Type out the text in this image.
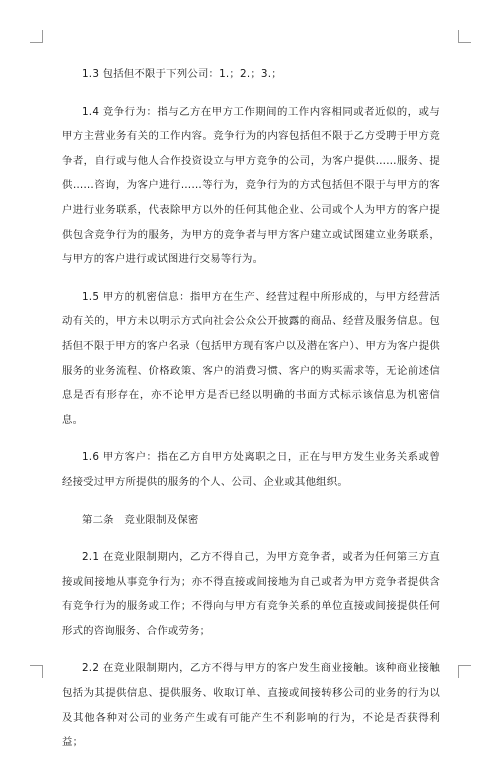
1.3 包括但不限于下列公司：1.；2.；3.；

1.4 竞争行为：指与乙方在甲方工作期间的工作内容相同或者近似的，或与甲方主营业务有关的工作内容。竞争行为的内容包括但不限于乙方受聘于甲方竞争者，自行或与他人合作投资设立与甲方竞争的公司，为客户提供……服务、提供……咨询，为客户进行……等行为，竞争行为的方式包括但不限于与甲方的客户进行业务联系，代表除甲方以外的任何其他企业、公司或个人为甲方的客户提供包含竞争行为的服务，为甲方的竞争者与甲方客户建立或试图建立业务联系，与甲方的客户进行或试图进行交易等行为。

1.5 甲方的机密信息：指甲方在生产、经营过程中所形成的，与甲方经营活动有关的，甲方未以明示方式向社会公众公开披露的商品、经营及服务信息。包括但不限于甲方的客户名录（包括甲方现有客户以及潜在客户）、甲方为客户提供服务的业务流程、价格政策、客户的消费习惯、客户的购买需求等，无论前述信息是否有形存在，亦不论甲方是否已经以明确的书面方式标示该信息为机密信息。

1.6 甲方客户：指在乙方自甲方处离职之日，正在与甲方发生业务关系或曾经接受过甲方所提供的服务的个人、公司、企业或其他组织。

第二条　竞业限制及保密

2.1 在竞业限制期内，乙方不得自己，为甲方竞争者，或者为任何第三方直接或间接地从事竞争行为；亦不得直接或间接地为自己或者为甲方竞争者提供含有竞争行为的服务或工作；不得向与甲方有竞争关系的单位直接或间接提供任何形式的咨询服务、合作或劳务；

2.2 在竞业限制期内，乙方不得与甲方的客户发生商业接触。该种商业接触包括为其提供信息、提供服务、收取订单、直接或间接转移公司的业务的行为以及其他各种对公司的业务产生或有可能产生不利影响的行为，不论是否获得利益；
